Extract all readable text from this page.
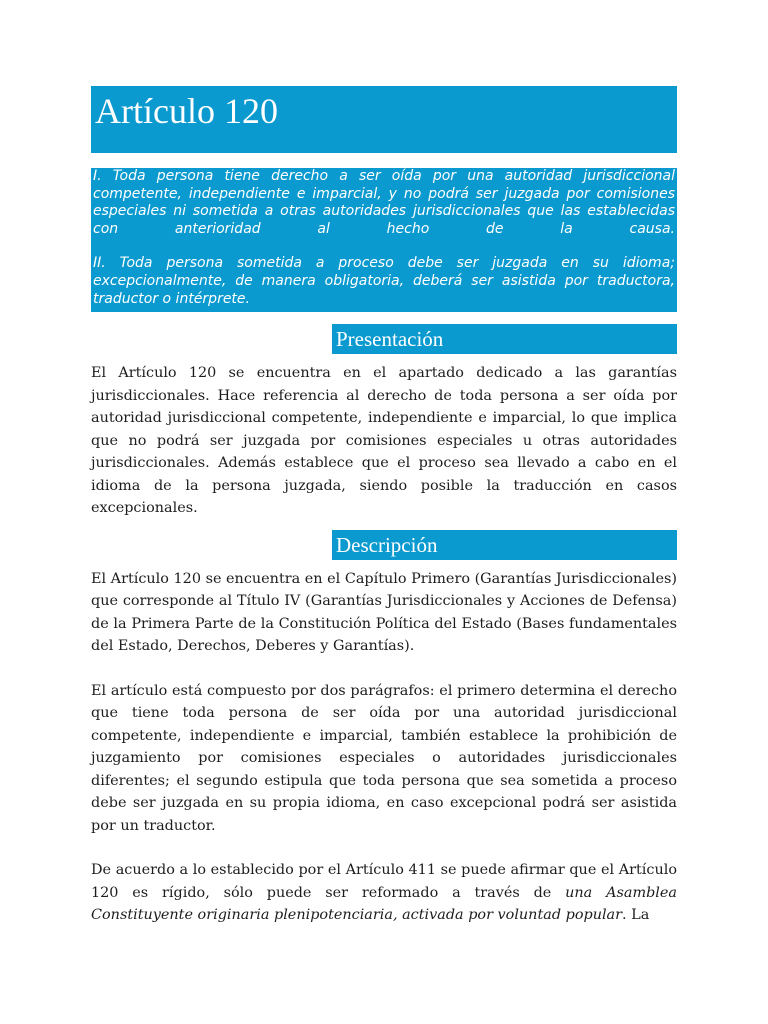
Artículo 120

I. Toda persona tiene derecho a ser oída por una autoridad jurisdiccional competente, independiente e imparcial, y no podrá ser juzgada por comisiones especiales ni sometida a otras autoridades jurisdiccionales que las establecidas con anterioridad al hecho de la causa.

II. Toda persona sometida a proceso debe ser juzgada en su idioma; excepcionalmente, de manera obligatoria, deberá ser asistida por traductora, traductor o intérprete.

Presentación

El Artículo 120 se encuentra en el apartado dedicado a las garantías jurisdiccionales. Hace referencia al derecho de toda persona a ser oída por autoridad jurisdiccional competente, independiente e imparcial, lo que implica que no podrá ser juzgada por comisiones especiales u otras autoridades jurisdiccionales. Además establece que el proceso sea llevado a cabo en el idioma de la persona juzgada, siendo posible la traducción en casos excepcionales.

Descripción

El Artículo 120 se encuentra en el Capítulo Primero (Garantías Jurisdiccionales) que corresponde al Título IV (Garantías Jurisdiccionales y Acciones de Defensa) de la Primera Parte de la Constitución Política del Estado (Bases fundamentales del Estado, Derechos, Deberes y Garantías).

El artículo está compuesto por dos parágrafos: el primero determina el derecho que tiene toda persona de ser oída por una autoridad jurisdiccional competente, independiente e imparcial, también establece la prohibición de juzgamiento por comisiones especiales o autoridades jurisdiccionales diferentes; el segundo estipula que toda persona que sea sometida a proceso debe ser juzgada en su propia idioma, en caso excepcional podrá ser asistida por un traductor.

De acuerdo a lo establecido por el Artículo 411 se puede afirmar que el Artículo 120 es rígido, sólo puede ser reformado a través de una Asamblea Constituyente originaria plenipotenciaria, activada por voluntad popular. La
